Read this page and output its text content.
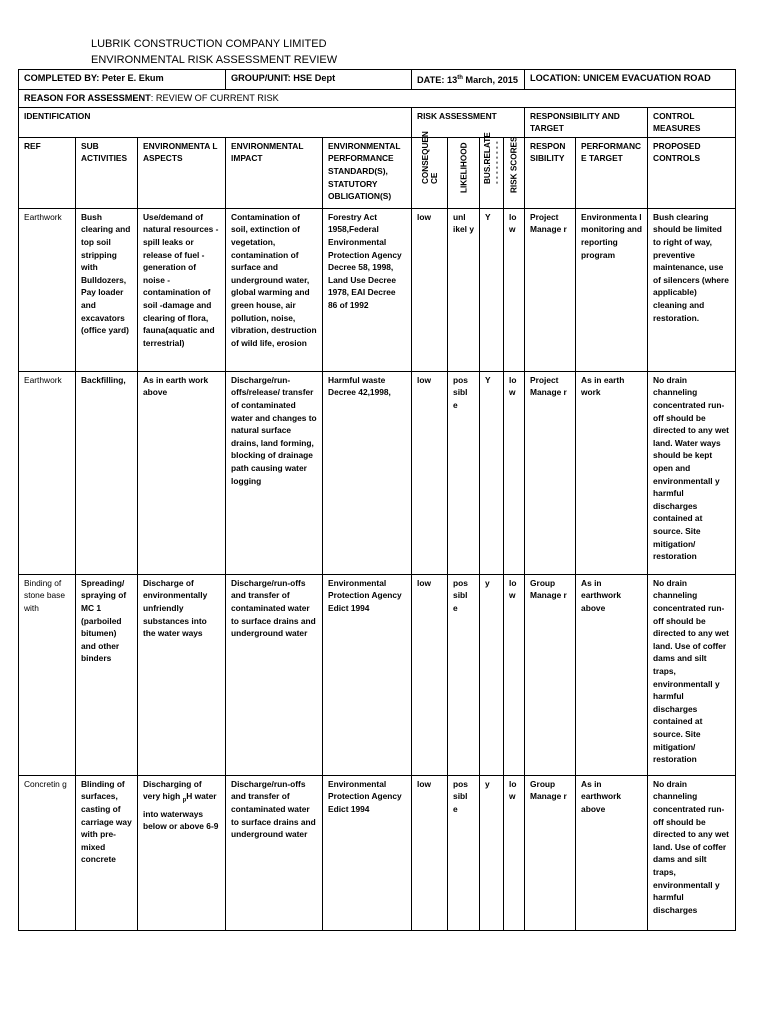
LUBRIK CONSTRUCTION COMPANY LIMITED
ENVIRONMENTAL RISK ASSESSMENT REVIEW
COMPLETED BY: Peter E. Ekum			GROUP/UNIT: HSE Dept		DATE: 13th March, 2015				LOCATION: UNICEM EVACUATION ROAD		
REASON FOR ASSESSMENT: REVIEW OF CURRENT RISK											
IDENTIFICATION					RISK ASSESSMENT				RESPONSIBILITY AND TARGET		CONTROL MEASURES
REF	SUB ACTIVITIES	ENVIRONMENTA L ASPECTS	ENVIRONMENTAL IMPACT	ENVIRONMENTAL PERFORMANCE STANDARD(S), STATUTORY OBLIGATION(S)	CONSEQUEN CE	LIKELIHOOD	BUS.RELATE - - - - - - - - -	RISK SCORES	RESPON SIBILITY	PERFORMANC E TARGET	PROPOSED CONTROLS
Earthwork	Bush clearing and top soil stripping with Bulldozers, Pay loader and excavators (office yard)	Use/demand of natural resources -spill leaks or release of fuel -generation of noise -contamination of soil -damage and clearing of flora, fauna(aquatic and terrestrial)	Contamination of soil, extinction of vegetation, contamination of surface and underground water, global warming and green house, air pollution, noise, vibration, destruction of wild life, erosion	Forestry Act 1958,Federal Environmental Protection Agency Decree 58, 1998, Land Use Decree 1978, EAI Decree 86 of 1992	low	unl ikel y	Y	lo w	Project Manage r	Environmenta l monitoring and reporting program	Bush clearing should be limited to right of way, preventive maintenance, use of silencers (where applicable) cleaning and restoration.
Earthwork	Backfilling,	As in earth work above	Discharge/run-offs/release/ transfer of contaminated water and changes to natural surface drains, land forming, blocking of drainage path causing water logging	Harmful waste Decree 42,1998,	low	pos sibl e	Y	lo w	Project Manage r	As in earth work	No drain channeling concentrated run-off should be directed to any wet land. Water ways should be kept open and environmentall y harmful discharges contained at source. Site mitigation/ restoration
Binding of stone base with	Spreading/ spraying of MC 1 (parboiled bitumen) and other binders	Discharge of environmentally unfriendly substances into the water ways	Discharge/run-offs and transfer of contaminated water to surface drains and underground water	Environmental Protection Agency Edict 1994	low	pos sibl e	y	lo w	Group Manage r	As in earthwork above	No drain channeling concentrated run-off should be directed to any wet land. Use of coffer dams and silt traps, environmentall y harmful discharges contained at source. Site mitigation/ restoration
Concretin g	Blinding of surfaces, casting of carriage way with pre-mixed concrete	Discharging of very high $_p$H water into waterways below or above 6-9	Discharge/run-offs and transfer of contaminated water to surface drains and underground water	Environmental Protection Agency Edict 1994	low	pos sibl e	y	lo w	Group Manage r	As in earthwork above	No drain channeling concentrated run-off should be directed to any wet land. Use of coffer dams and silt traps, environmentall y harmful discharges
